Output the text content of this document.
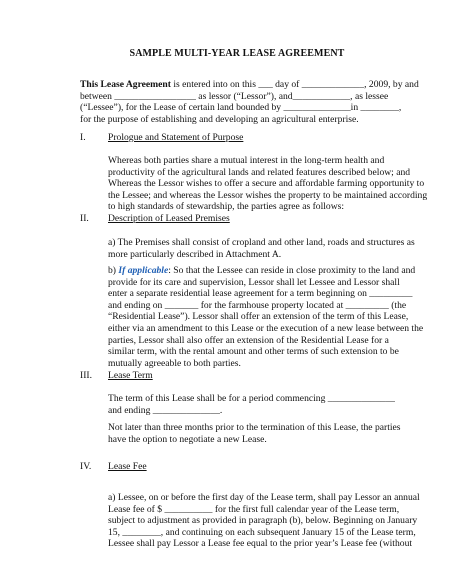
SAMPLE MULTI-YEAR LEASE AGREEMENT
This Lease Agreement is entered into on this ___ day of _____________, 2009, by and
between _________________ as lessor (“Lessor”), and____________, as lessee
(“Lessee”), for the Lease of certain land bounded by ______________in ________,
for the purpose of establishing and developing an agricultural enterprise.
I. Prologue and Statement of Purpose
Whereas both parties share a mutual interest in the long-term health and
productivity of the agricultural lands and related features described below; and
Whereas the Lessor wishes to offer a secure and affordable farming opportunity to
the Lessee; and whereas the Lessor wishes the property to be maintained according
to high standards of stewardship, the parties agree as follows:
II. Description of Leased Premises
a) The Premises shall consist of cropland and other land, roads and structures as
more particularly described in Attachment A.
b) If applicable: So that the Lessee can reside in close proximity to the land and
provide for its care and supervision, Lessor shall let Lessee and Lessor shall
enter a separate residential lease agreement for a term beginning on _________
and ending on _______ for the farmhouse property located at _________ (the
“Residential Lease”). Lessor shall offer an extension of the term of this Lease,
either via an amendment to this Lease or the execution of a new lease between the
parties, Lessor shall also offer an extension of the Residential Lease for a
similar term, with the rental amount and other terms of such extension to be
mutually agreeable to both parties.
III. Lease Term
The term of this Lease shall be for a period commencing ______________
and ending ______________.
Not later than three months prior to the termination of this Lease, the parties
have the option to negotiate a new Lease.
IV. Lease Fee
a) Lessee, on or before the first day of the Lease term, shall pay Lessor an annual
Lease fee of $ __________ for the first full calendar year of the Lease term,
subject to adjustment as provided in paragraph (b), below. Beginning on January
15, ________, and continuing on each subsequent January 15 of the Lease term,
Lessee shall pay Lessor a Lease fee equal to the prior year’s Lease fee (without
